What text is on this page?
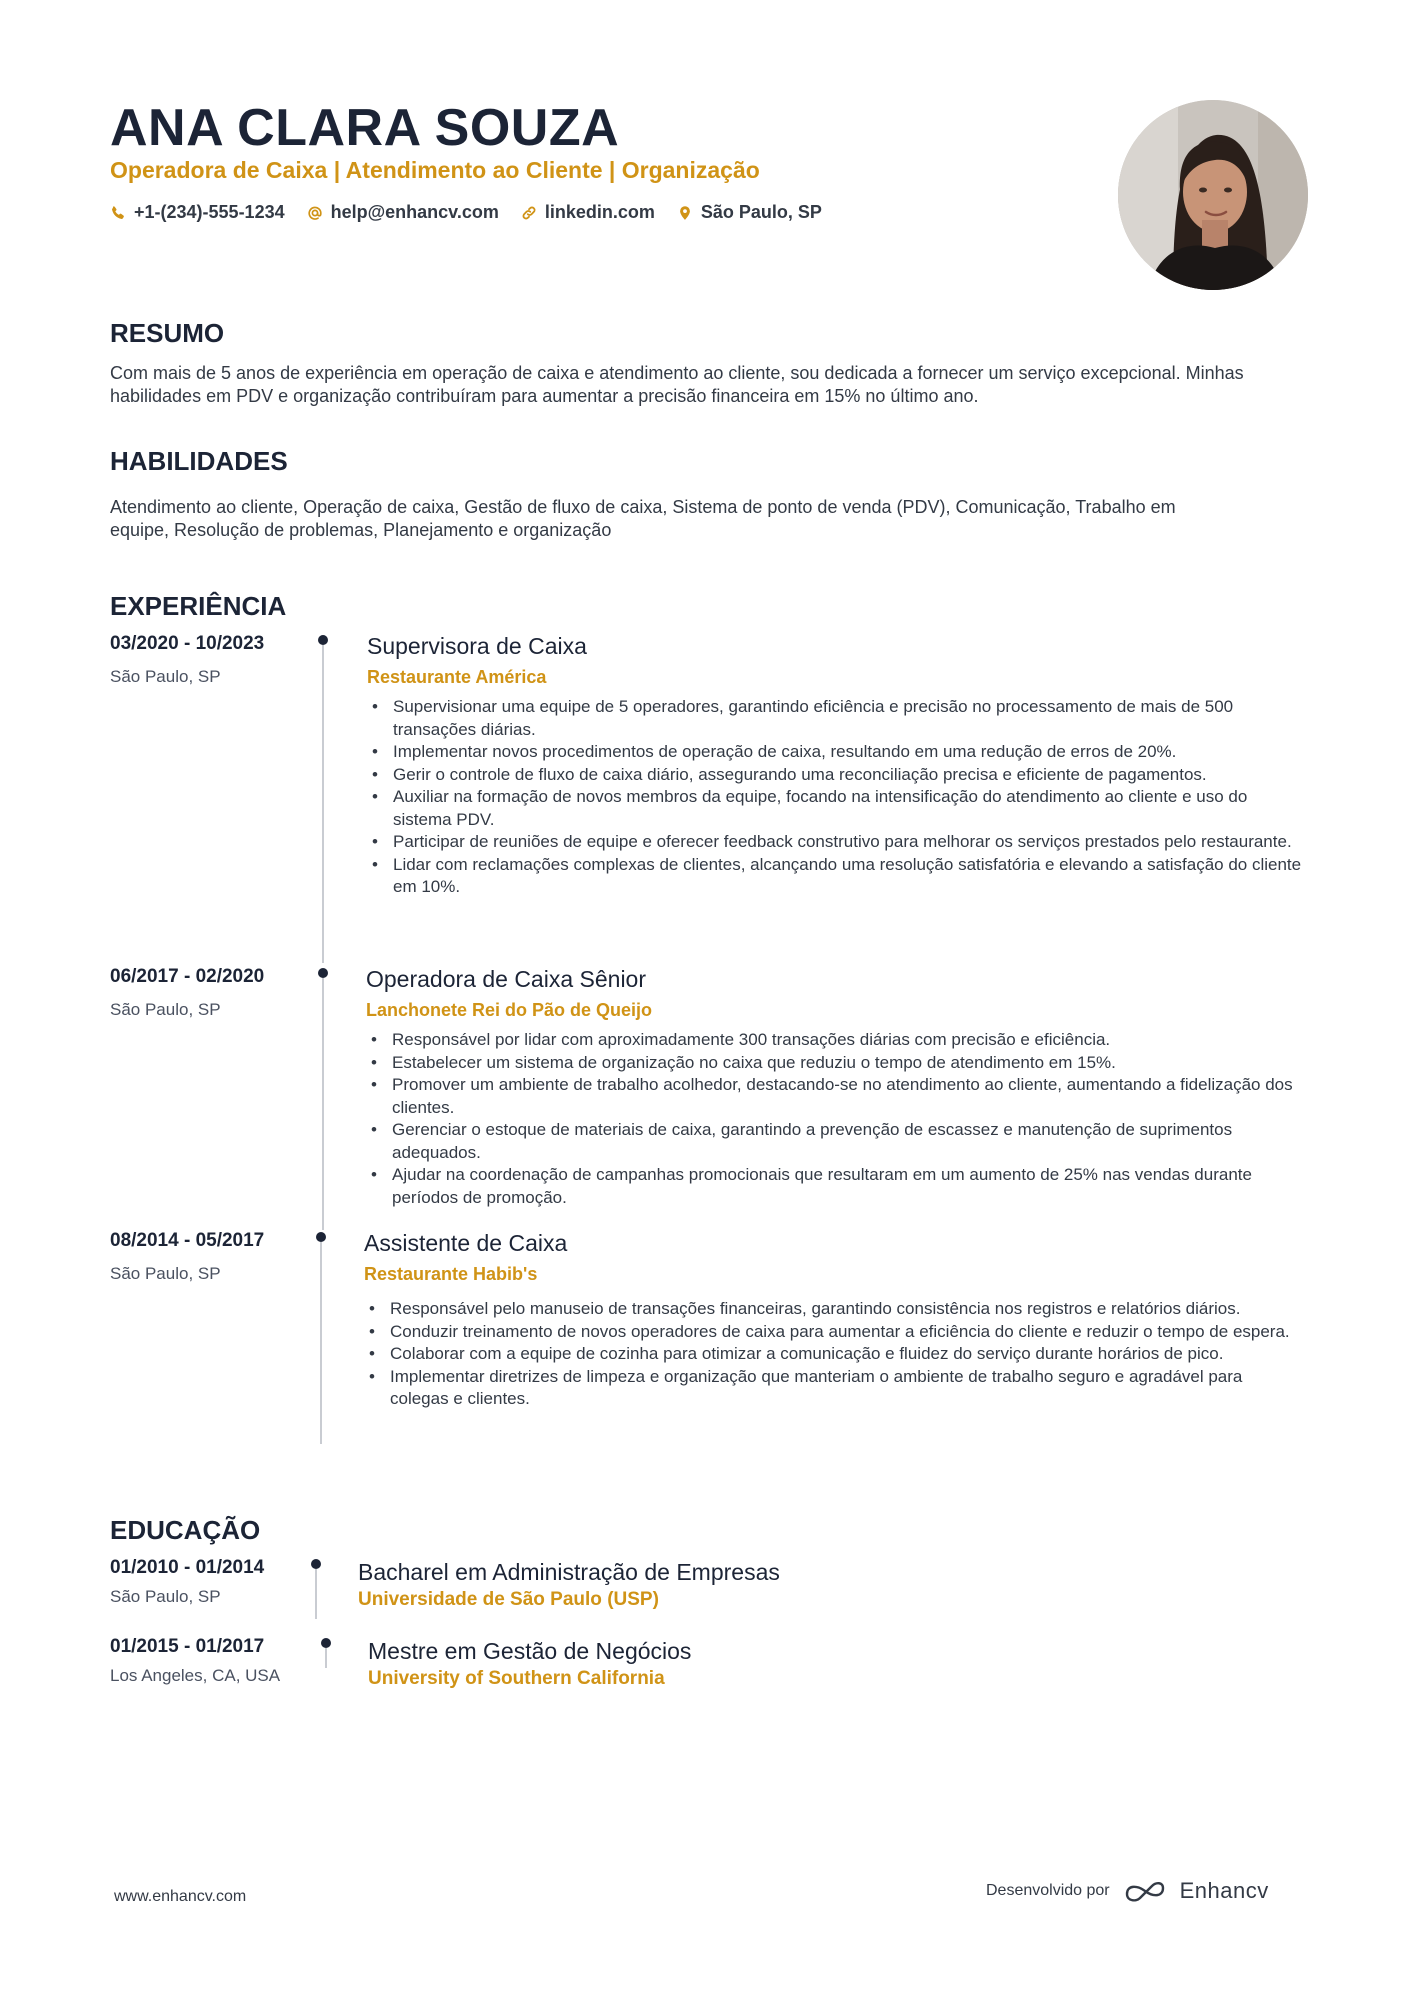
ANA CLARA SOUZA
Operadora de Caixa | Atendimento ao Cliente | Organização
+1-(234)-555-1234	help@enhancv.com	linkedin.com	São Paulo, SP
RESUMO
Com mais de 5 anos de experiência em operação de caixa e atendimento ao cliente, sou dedicada a fornecer um serviço excepcional. Minhas habilidades em PDV e organização contribuíram para aumentar a precisão financeira em 15% no último ano.
HABILIDADES
Atendimento ao cliente, Operação de caixa, Gestão de fluxo de caixa, Sistema de ponto de venda (PDV), Comunicação, Trabalho em equipe, Resolução de problemas, Planejamento e organização
EXPERIÊNCIA
03/2020 - 10/2023
São Paulo, SP
Supervisora de Caixa
Restaurante América
• Supervisionar uma equipe de 5 operadores, garantindo eficiência e precisão no processamento de mais de 500 transações diárias.
• Implementar novos procedimentos de operação de caixa, resultando em uma redução de erros de 20%.
• Gerir o controle de fluxo de caixa diário, assegurando uma reconciliação precisa e eficiente de pagamentos.
• Auxiliar na formação de novos membros da equipe, focando na intensificação do atendimento ao cliente e uso do sistema PDV.
• Participar de reuniões de equipe e oferecer feedback construtivo para melhorar os serviços prestados pelo restaurante.
• Lidar com reclamações complexas de clientes, alcançando uma resolução satisfatória e elevando a satisfação do cliente em 10%.
06/2017 - 02/2020
São Paulo, SP
Operadora de Caixa Sênior
Lanchonete Rei do Pão de Queijo
• Responsável por lidar com aproximadamente 300 transações diárias com precisão e eficiência.
• Estabelecer um sistema de organização no caixa que reduziu o tempo de atendimento em 15%.
• Promover um ambiente de trabalho acolhedor, destacando-se no atendimento ao cliente, aumentando a fidelização dos clientes.
• Gerenciar o estoque de materiais de caixa, garantindo a prevenção de escassez e manutenção de suprimentos adequados.
• Ajudar na coordenação de campanhas promocionais que resultaram em um aumento de 25% nas vendas durante períodos de promoção.
08/2014 - 05/2017
São Paulo, SP
Assistente de Caixa
Restaurante Habib's
• Responsável pelo manuseio de transações financeiras, garantindo consistência nos registros e relatórios diários.
• Conduzir treinamento de novos operadores de caixa para aumentar a eficiência do cliente e reduzir o tempo de espera.
• Colaborar com a equipe de cozinha para otimizar a comunicação e fluidez do serviço durante horários de pico.
• Implementar diretrizes de limpeza e organização que manteriam o ambiente de trabalho seguro e agradável para colegas e clientes.
EDUCAÇÃO
01/2010 - 01/2014
São Paulo, SP
Bacharel em Administração de Empresas
Universidade de São Paulo (USP)
01/2015 - 01/2017
Los Angeles, CA, USA
Mestre em Gestão de Negócios
University of Southern California
www.enhancv.com	Desenvolvido por	Enhancv
